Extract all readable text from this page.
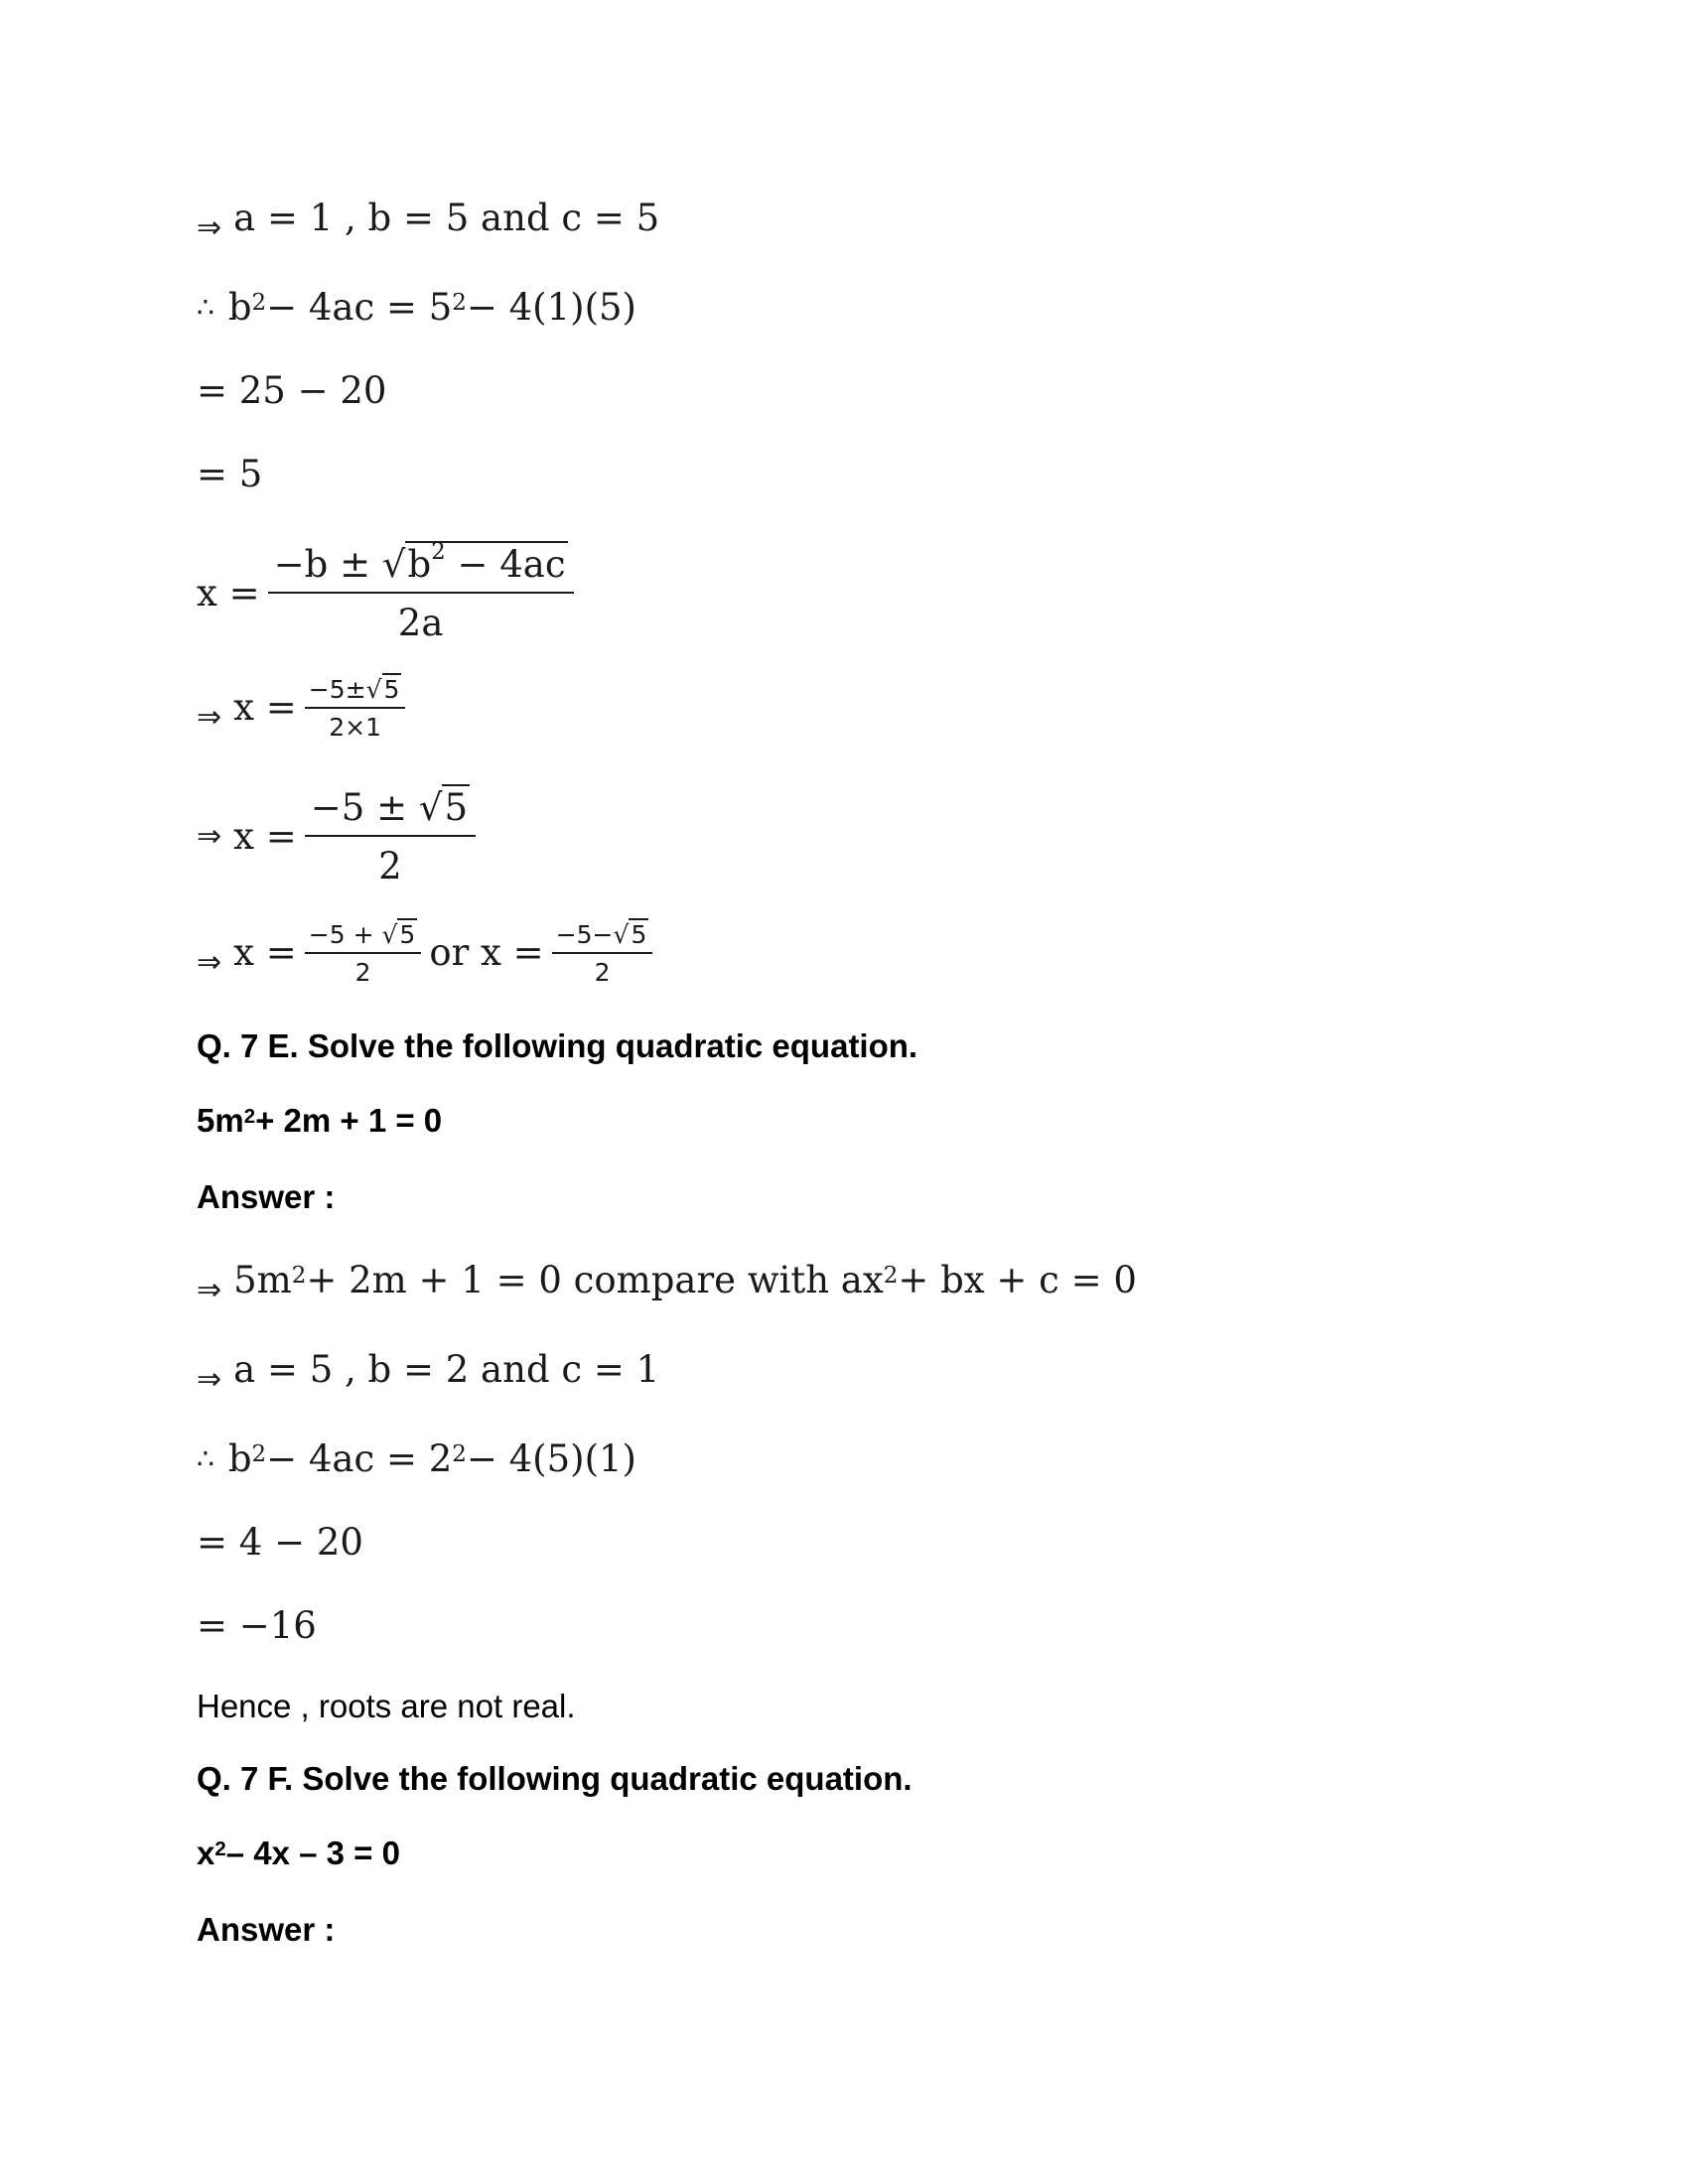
⇒ a = 1 , b = 5 and c = 5
∴ $b^2 - 4ac = 5^2 - 4(1)(5)$
= 25 − 20
= 5
$x = \frac{-b \pm √ b^2 - 4ac}{2a}$
⇒ $x = \frac{-5\pm √ 5}{2\times 1}$
⇒ $x = \frac{-5 \pm √ 5}{2}$
⇒ $x = \frac{-5 + √ 5}{2}$ or $x = \frac{-5- √ 5}{2}$
Q. 7 E. Solve the following quadratic equation.
$5m^2 + 2m + 1 = 0$
Answer :
⇒ $5m^2 + 2m + 1 = 0$ compare with $ax^2$ + bx + c = 0
⇒ a = 5 , b = 2 and c = 1
∴ $b^2 - 4ac = 2^2 - 4(5)(1)$
= 4 − 20
= −16
Hence , roots are not real.
Q. 7 F. Solve the following quadratic equation.
$x^2 - 4x - 3 = 0$
Answer :
